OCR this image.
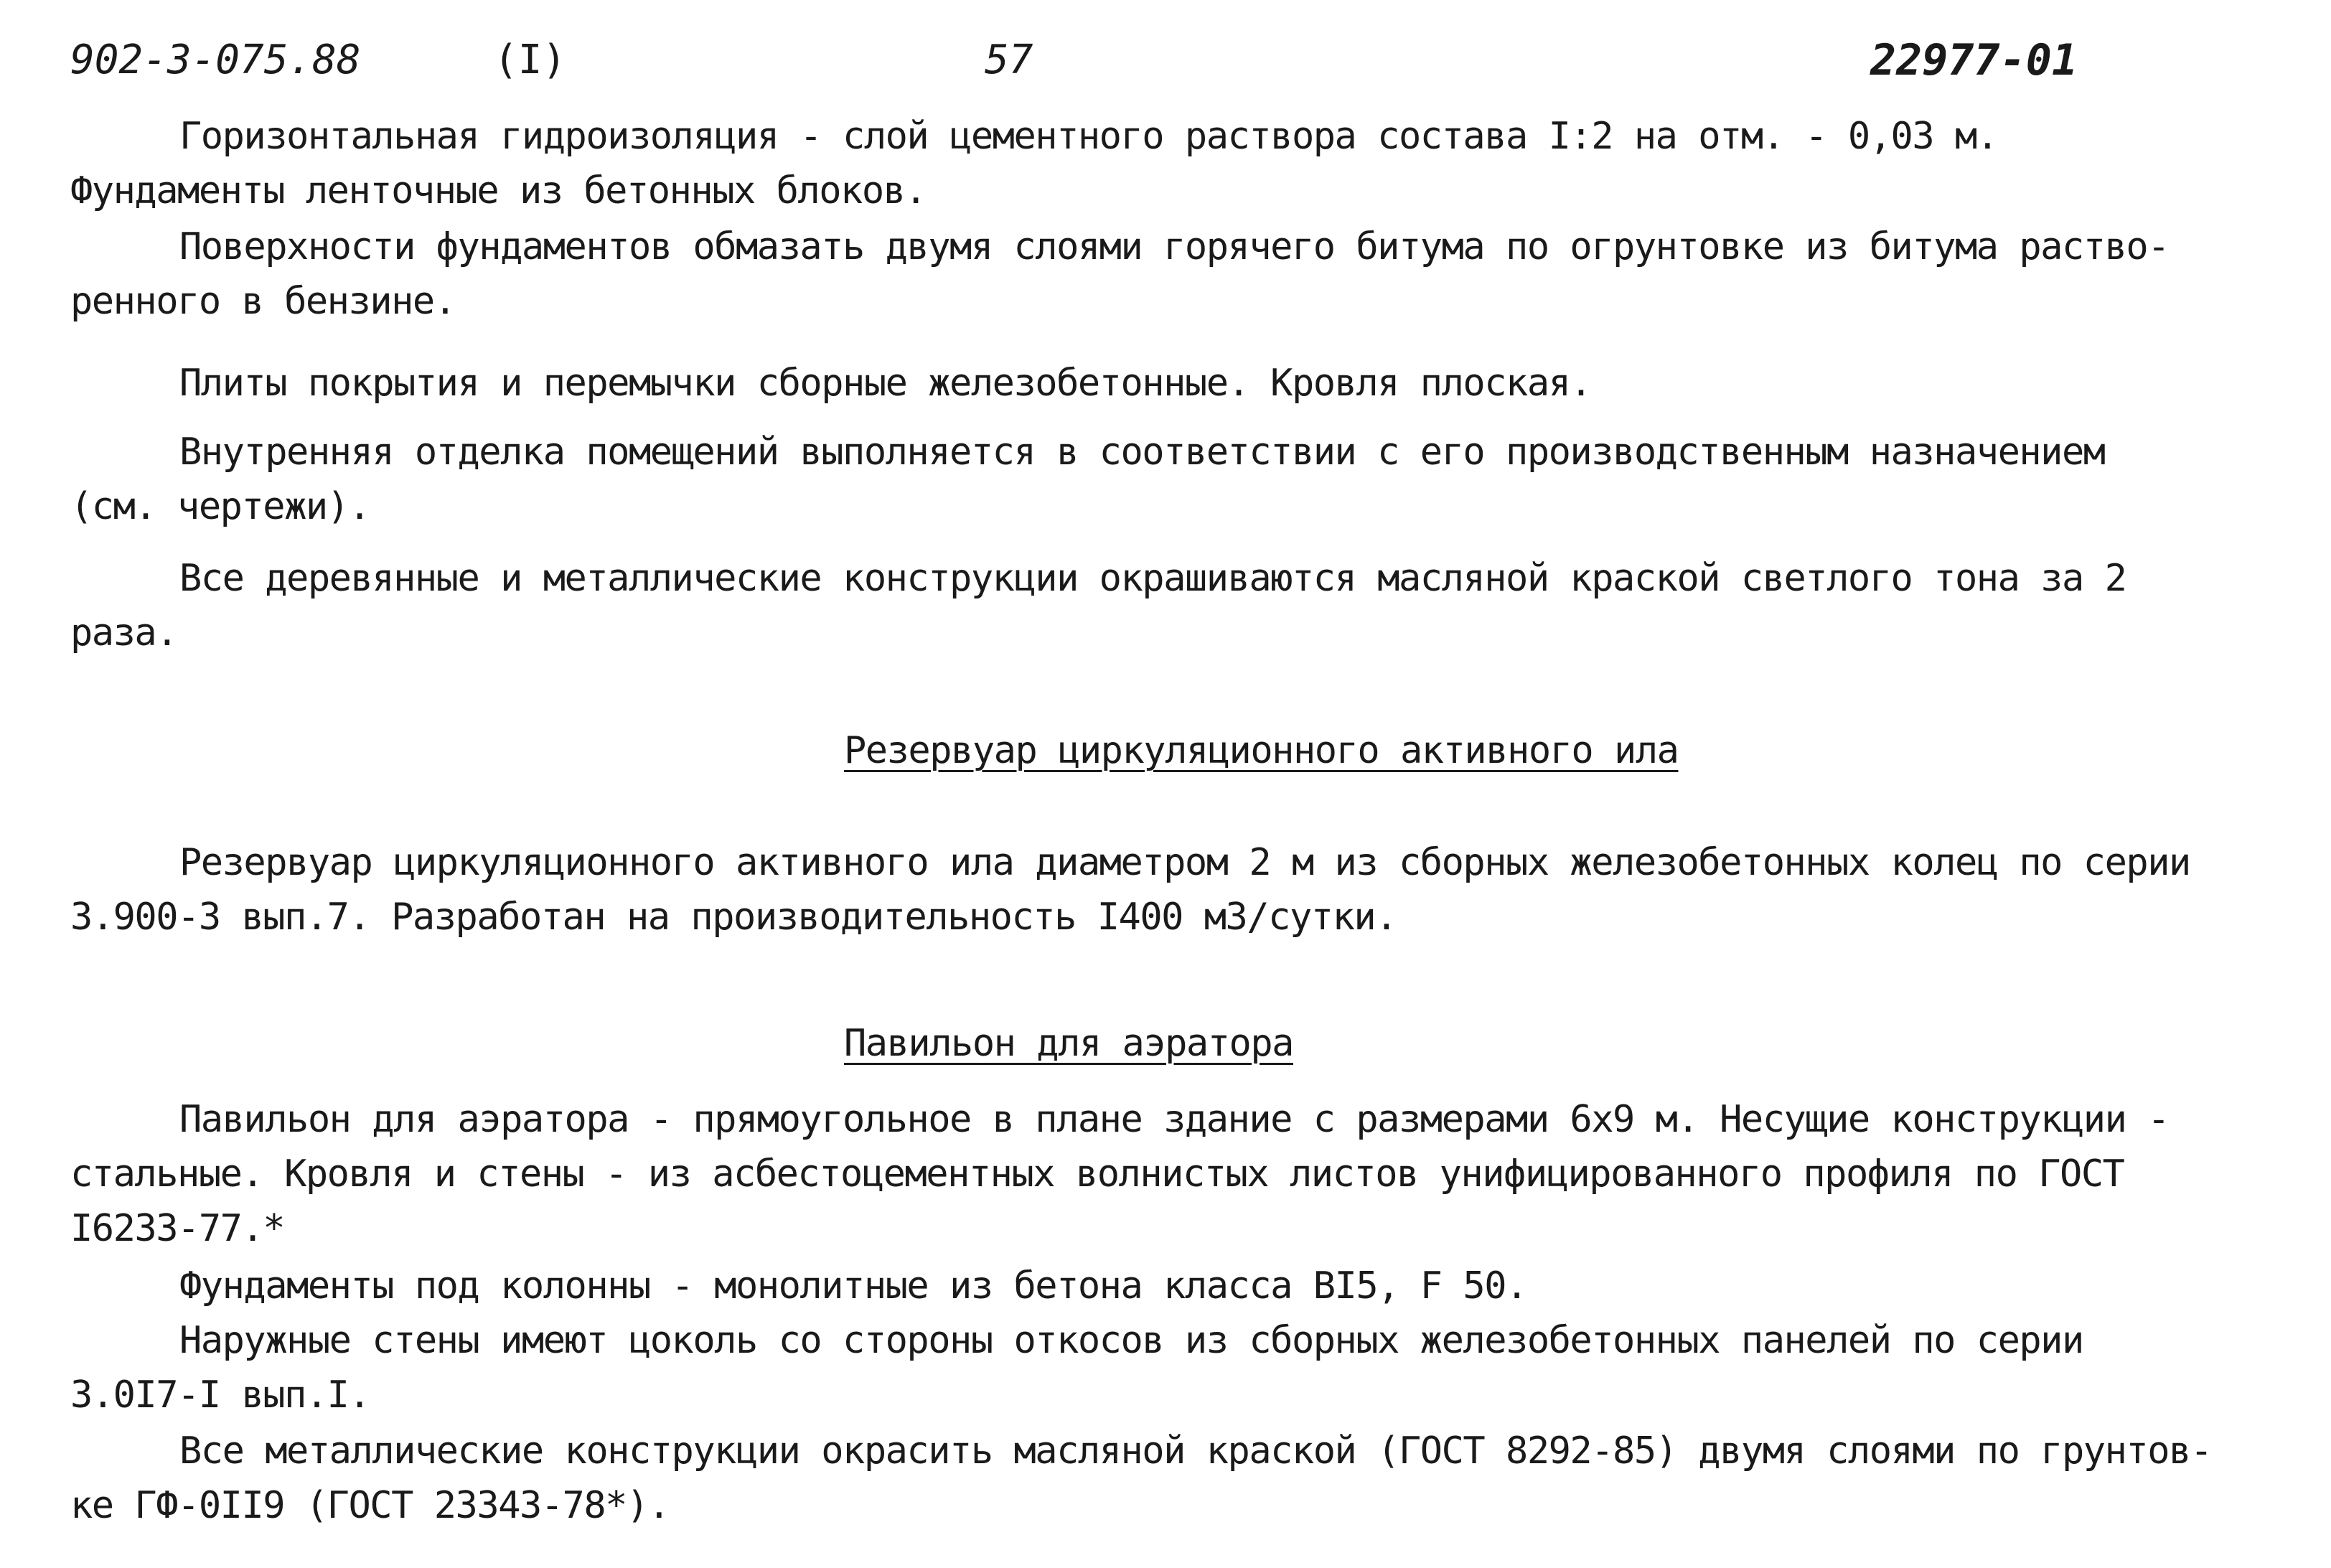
902-3-075.88	(I)	57	22977-01

Горизонтальная гидроизоляция - слой цементного раствора состава I:2 на отм. - 0,03 м.
Фундаменты ленточные из бетонных блоков.

Поверхности фундаментов обмазать двумя слоями горячего битума по огрунтовке из битума раство-
ренного в бензине.

Плиты покрытия и перемычки сборные железобетонные. Кровля плоская.

Внутренняя отделка помещений выполняется в соответствии с его производственным назначением
(см. чертежи).

Все деревянные и металлические конструкции окрашиваются масляной краской светлого тона за 2
раза.

Резервуар циркуляционного активного ила

Резервуар циркуляционного активного ила диаметром 2 м из сборных железобетонных колец по серии
3.900-3 вып.7. Разработан на производительность I400 м3/сутки.

Павильон для аэратора

Павильон для аэратора - прямоугольное в плане здание с размерами 6x9 м. Несущие конструкции -
стальные. Кровля и стены - из асбестоцементных волнистых листов унифицированного профиля по ГОСТ
I6233-77.*

Фундаменты под колонны - монолитные из бетона класса BI5, F 50.

Наружные стены имеют цоколь со стороны откосов из сборных железобетонных панелей по серии
3.0I7-I вып.I.

Все металлические конструкции окрасить масляной краской (ГОСТ 8292-85) двумя слоями по грунтов-
ке ГФ-0II9 (ГОСТ 23343-78*).
